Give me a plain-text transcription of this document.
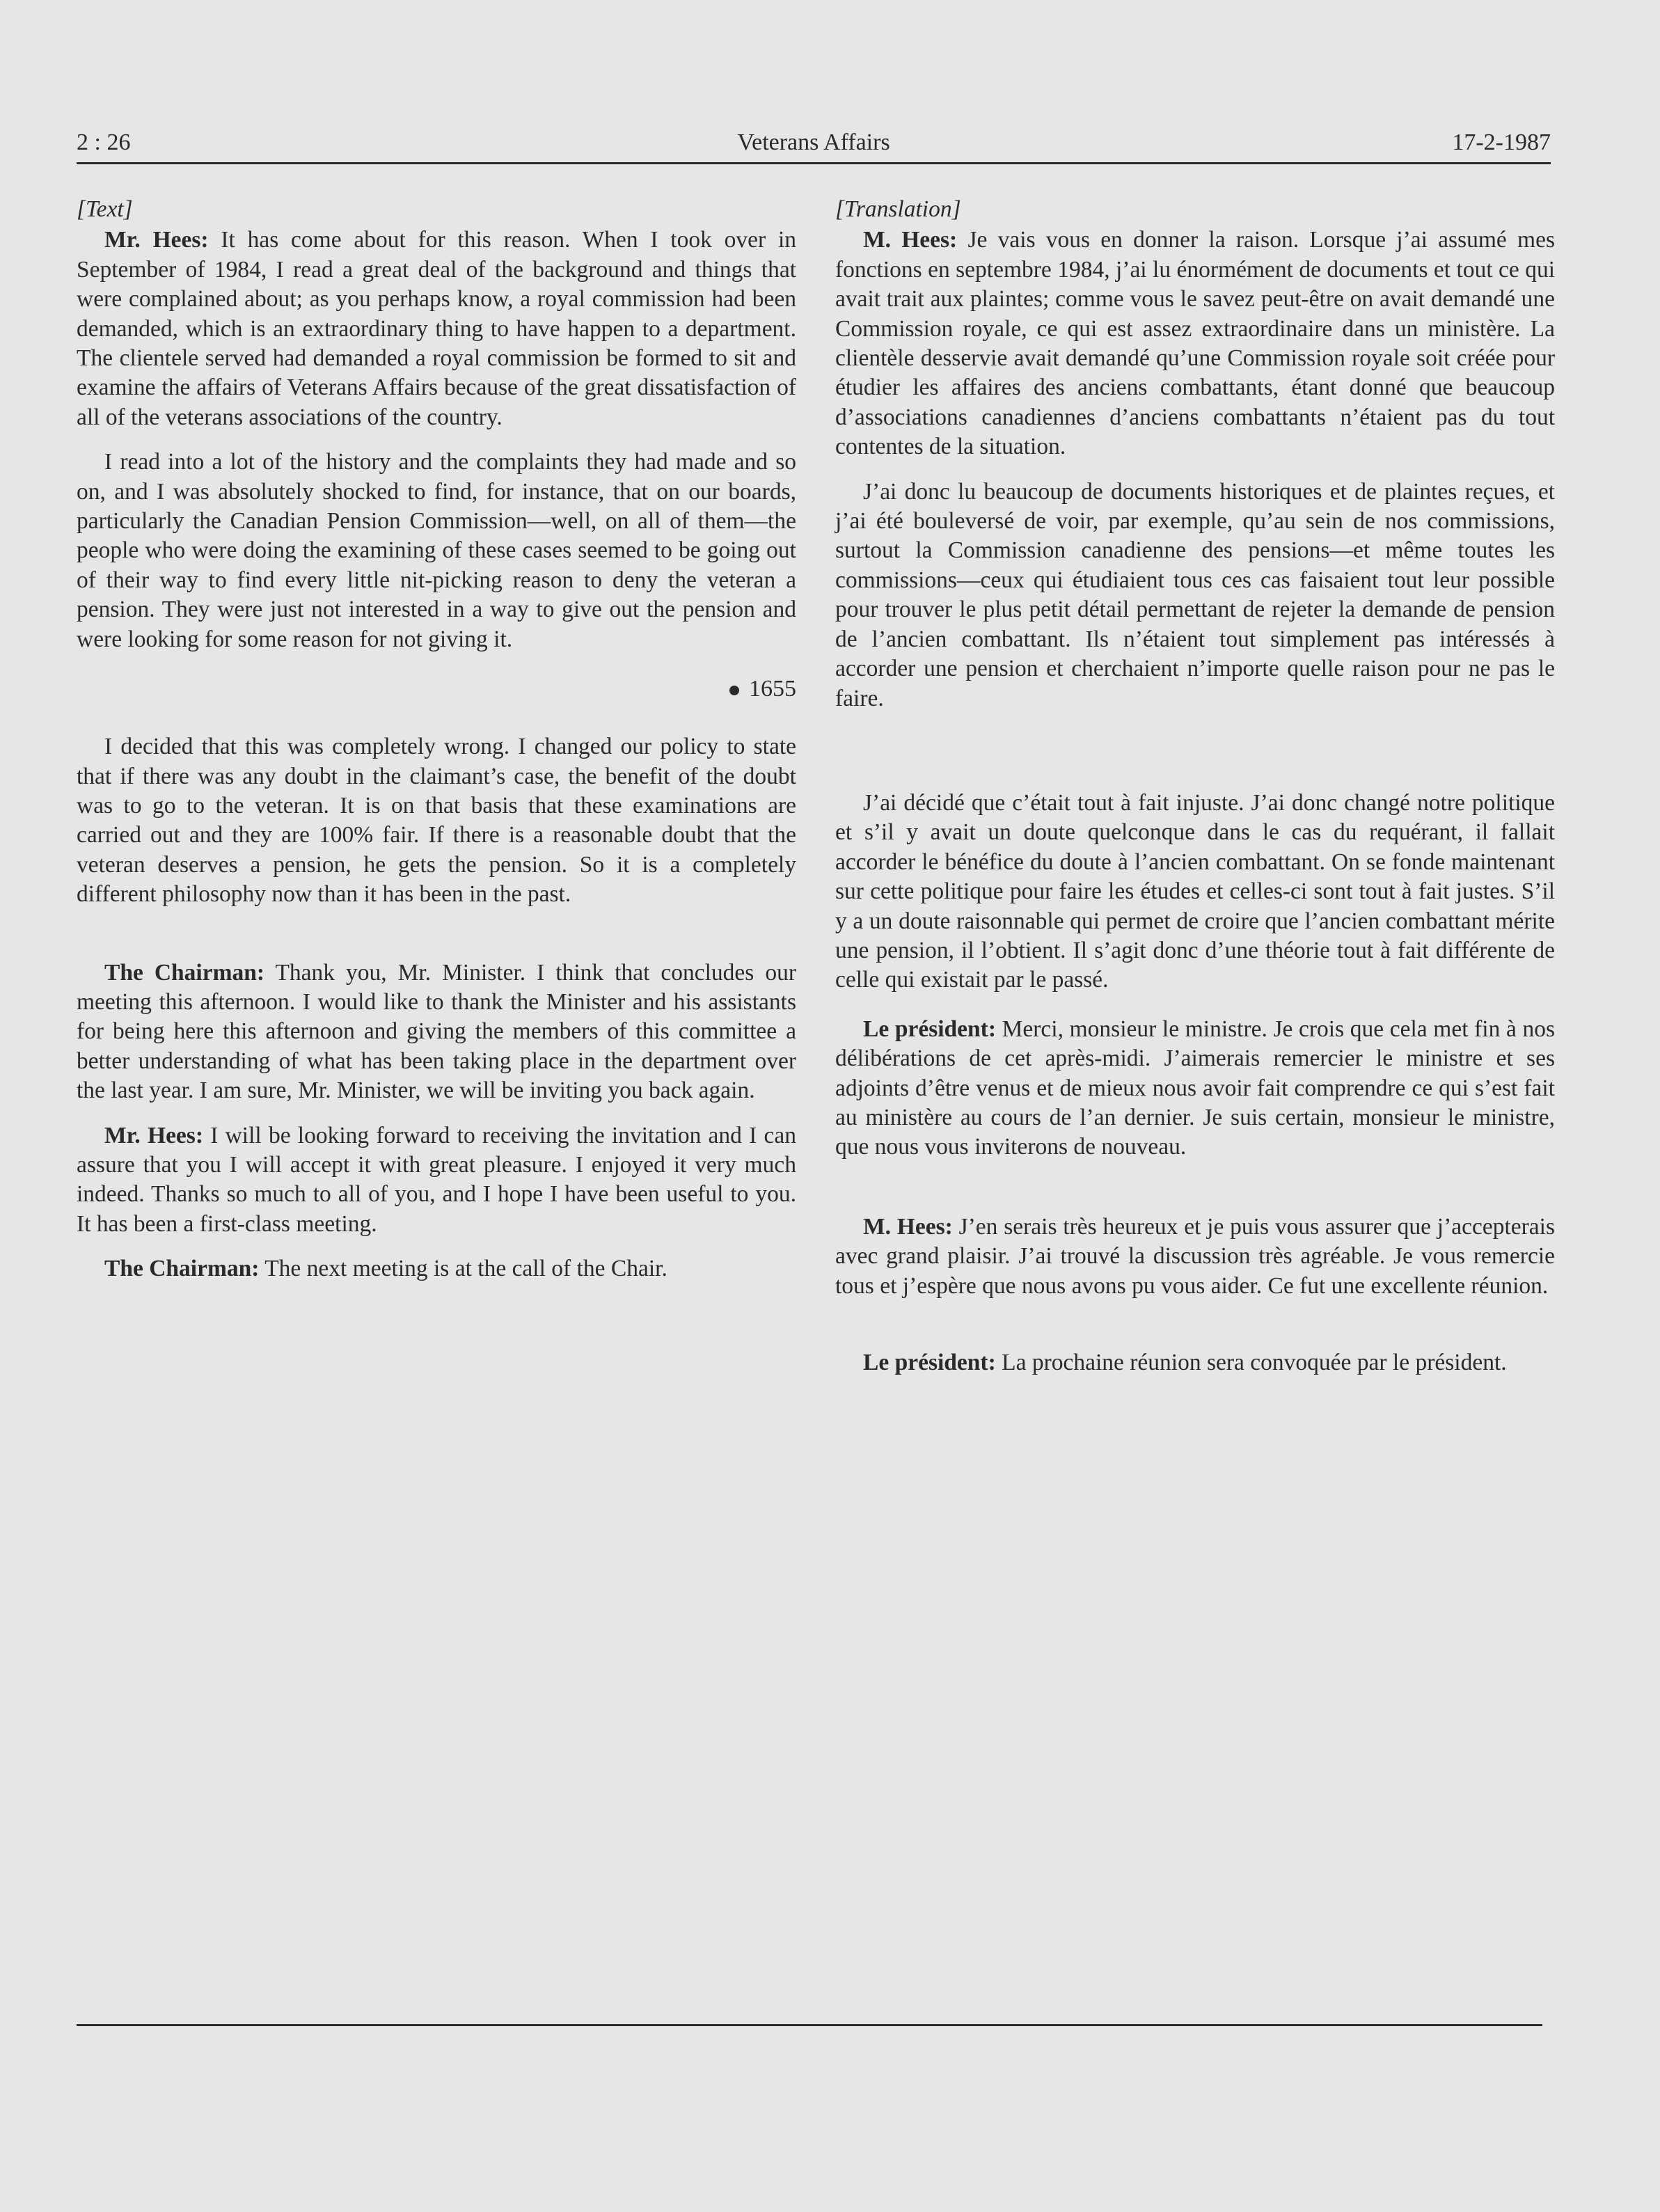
2 : 26	Veterans Affairs	17-2-1987
[Text]

Mr. Hees: It has come about for this reason. When I took over in September of 1984, I read a great deal of the background and things that were complained about; as you perhaps know, a royal commission had been demanded, which is an extraordinary thing to have happen to a department. The clientele served had demanded a royal commission be formed to sit and examine the affairs of Veterans Affairs because of the great dissatisfaction of all of the veterans associations of the country.

I read into a lot of the history and the complaints they had made and so on, and I was absolutely shocked to find, for instance, that on our boards, particularly the Canadian Pension Commission—well, on all of them—the people who were doing the examining of these cases seemed to be going out of their way to find every little nit-picking reason to deny the veteran a pension. They were just not interested in a way to give out the pension and were looking for some reason for not giving it.

1655

I decided that this was completely wrong. I changed our policy to state that if there was any doubt in the claimant’s case, the benefit of the doubt was to go to the veteran. It is on that basis that these examinations are carried out and they are 100% fair. If there is a reasonable doubt that the veteran deserves a pension, he gets the pension. So it is a completely different philosophy now than it has been in the past.

The Chairman: Thank you, Mr. Minister. I think that concludes our meeting this afternoon. I would like to thank the Minister and his assistants for being here this afternoon and giving the members of this committee a better understanding of what has been taking place in the department over the last year. I am sure, Mr. Minister, we will be inviting you back again.

Mr. Hees: I will be looking forward to receiving the invitation and I can assure that you I will accept it with great pleasure. I enjoyed it very much indeed. Thanks so much to all of you, and I hope I have been useful to you. It has been a first-class meeting.

The Chairman: The next meeting is at the call of the Chair.

[Translation]

M. Hees: Je vais vous en donner la raison. Lorsque j’ai assumé mes fonctions en septembre 1984, j’ai lu énormément de documents et tout ce qui avait trait aux plaintes; comme vous le savez peut-être on avait demandé une Commission royale, ce qui est assez extraordinaire dans un ministère. La clientèle desservie avait demandé qu’une Commission royale soit créée pour étudier les affaires des anciens combattants, étant donné que beaucoup d’associations canadiennes d’anciens combattants n’étaient pas du tout contentes de la situation.

J’ai donc lu beaucoup de documents historiques et de plaintes reçues, et j’ai été bouleversé de voir, par exemple, qu’au sein de nos commissions, surtout la Commission canadienne des pensions—et même toutes les commissions—ceux qui étudiaient tous ces cas faisaient tout leur possible pour trouver le plus petit détail permettant de rejeter la demande de pension de l’ancien combattant. Ils n’étaient tout simplement pas intéressés à accorder une pension et cherchaient n’importe quelle raison pour ne pas le faire.

J’ai décidé que c’était tout à fait injuste. J’ai donc changé notre politique et s’il y avait un doute quelconque dans le cas du requérant, il fallait accorder le bénéfice du doute à l’ancien combattant. On se fonde maintenant sur cette politique pour faire les études et celles-ci sont tout à fait justes. S’il y a un doute raisonnable qui permet de croire que l’ancien combattant mérite une pension, il l’obtient. Il s’agit donc d’une théorie tout à fait différente de celle qui existait par le passé.

Le président: Merci, monsieur le ministre. Je crois que cela met fin à nos délibérations de cet après-midi. J’aimerais remercier le ministre et ses adjoints d’être venus et de mieux nous avoir fait comprendre ce qui s’est fait au ministère au cours de l’an dernier. Je suis certain, monsieur le ministre, que nous vous inviterons de nouveau.

M. Hees: J’en serais très heureux et je puis vous assurer que j’accepterais avec grand plaisir. J’ai trouvé la discussion très agréable. Je vous remercie tous et j’espère que nous avons pu vous aider. Ce fut une excellente réunion.

Le président: La prochaine réunion sera convoquée par le président.
